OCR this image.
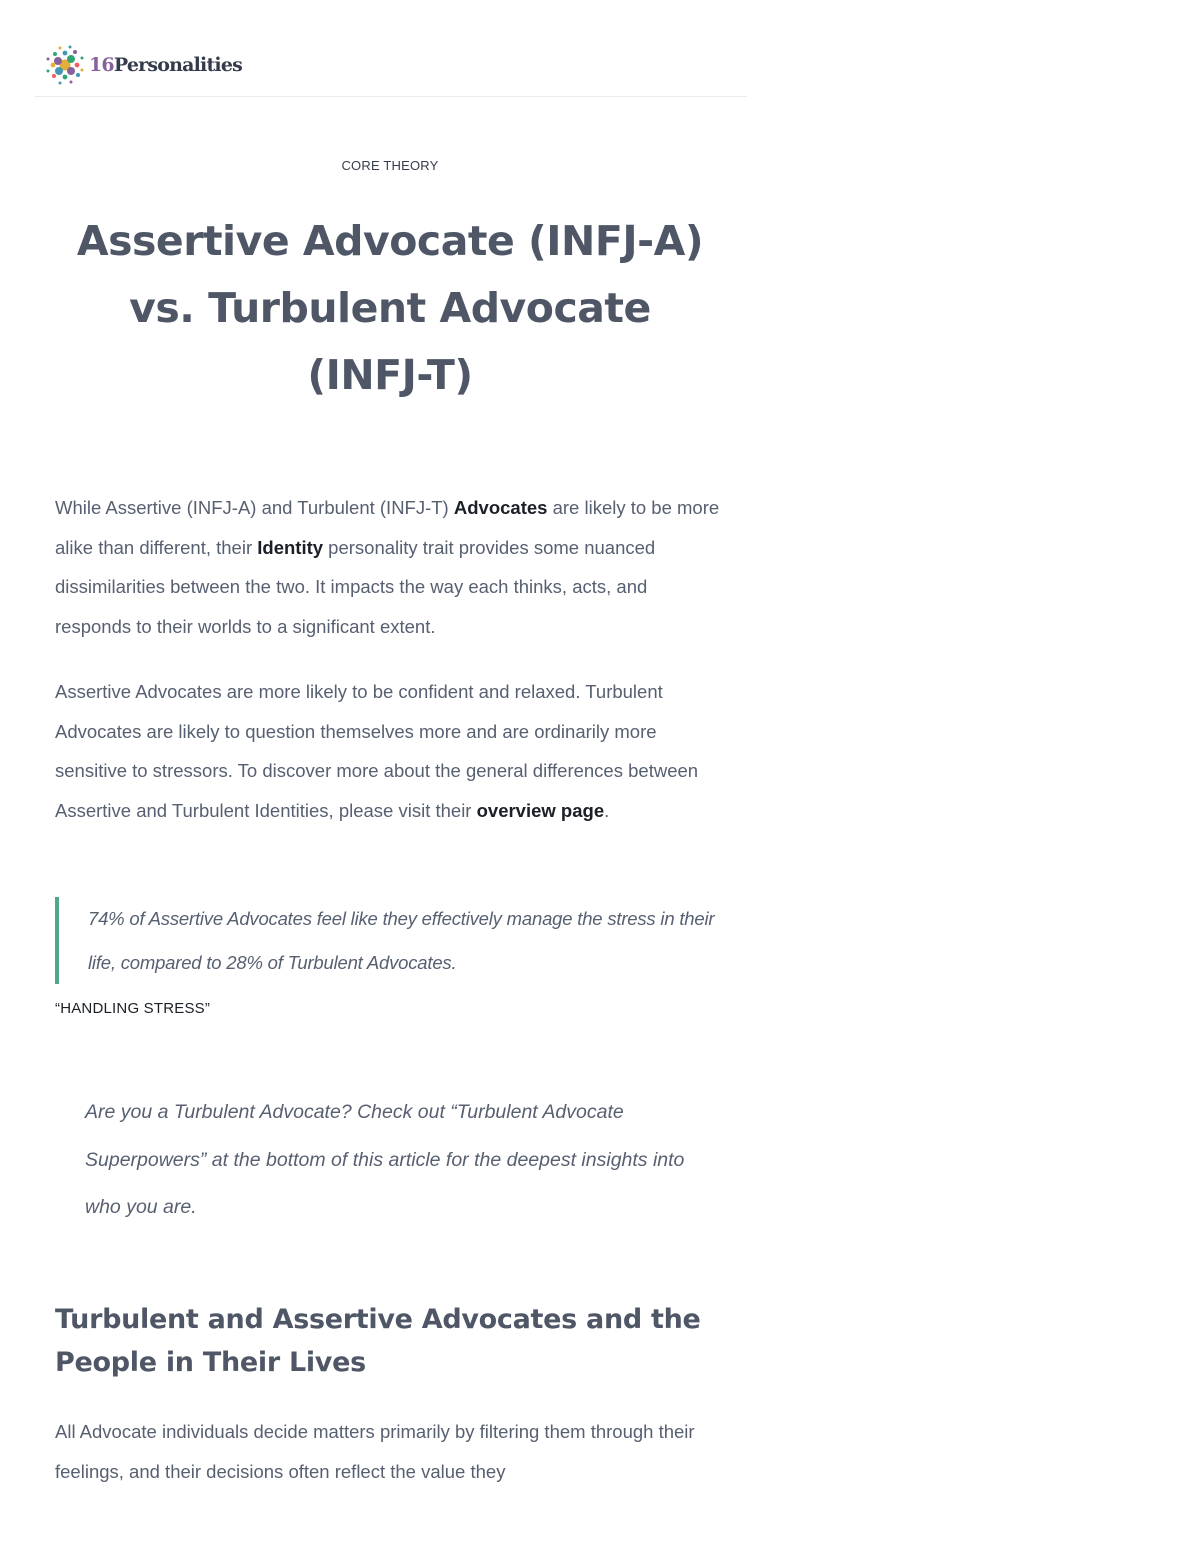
16Personalities
CORE THEORY
Assertive Advocate (INFJ-A) vs. Turbulent Advocate (INFJ-T)

While Assertive (INFJ-A) and Turbulent (INFJ-T) Advocates are likely to be more alike than different, their Identity personality trait provides some nuanced dissimilarities between the two. It impacts the way each thinks, acts, and responds to their worlds to a significant extent.

Assertive Advocates are more likely to be confident and relaxed. Turbulent Advocates are likely to question themselves more and are ordinarily more sensitive to stressors. To discover more about the general differences between Assertive and Turbulent Identities, please visit their overview page.

74% of Assertive Advocates feel like they effectively manage the stress in their life, compared to 28% of Turbulent Advocates.

“HANDLING STRESS”

Are you a Turbulent Advocate? Check out “Turbulent Advocate Superpowers” at the bottom of this article for the deepest insights into who you are.

Turbulent and Assertive Advocates and the People in Their Lives

All Advocate individuals decide matters primarily by filtering them through their feelings, and their decisions often reflect the value they
